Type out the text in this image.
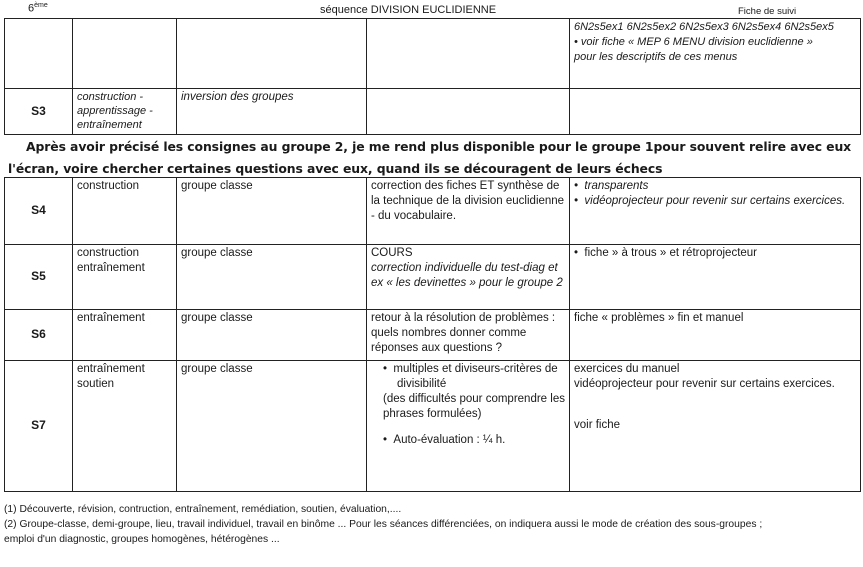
6ème	séquence DIVISION EUCLIDIENNE	Fiche de suivi

				6N2s5ex1 6N2s5ex2 6N2s5ex3 6N2s5ex4 6N2s5ex5
• voir fiche « MEP 6 MENU division euclidienne »
pour les descriptifs de ces menus

S3	construction - apprentissage - entraînement	inversion des groupes		
Après avoir précisé les consignes au groupe 2, je me rend plus disponible pour le groupe 1pour souvent relire avec eux
l'écran, voire chercher certaines questions avec eux, quand ils se découragent de leurs échecs
S4	construction	groupe classe	correction des fiches ET synthèse de la technique de la division euclidienne - du vocabulaire.	•  transparents
•  vidéoprojecteur pour revenir sur certains exercices.

S5	construction
entraînement	groupe classe	COURS
correction individuelle du test-diag et ex « les devinettes » pour le groupe 2	•  fiche » à trous » et rétroprojecteur

S6	entraînement	groupe classe	retour à la résolution de problèmes : quels nombres donner comme réponses aux questions ?	fiche « problèmes » fin et manuel
S7	entraînement
soutien	groupe classe	•  multiples et diviseurs-critères de divisibilité
(des difficultés pour comprendre les phrases formulées)
•  Auto-évaluation : ¼ h.	exercices du manuel
vidéoprojecteur pour revenir sur certains exercices.
voir fiche
(1) Découverte, révision, contruction, entraînement, remédiation, soutien, évaluation,....
(2) Groupe-classe, demi-groupe, lieu, travail individuel, travail en binôme ... Pour les séances différenciées, on indiquera aussi le mode de création des sous-groupes ;
emploi d'un diagnostic, groupes homogènes, hétérogènes ...
